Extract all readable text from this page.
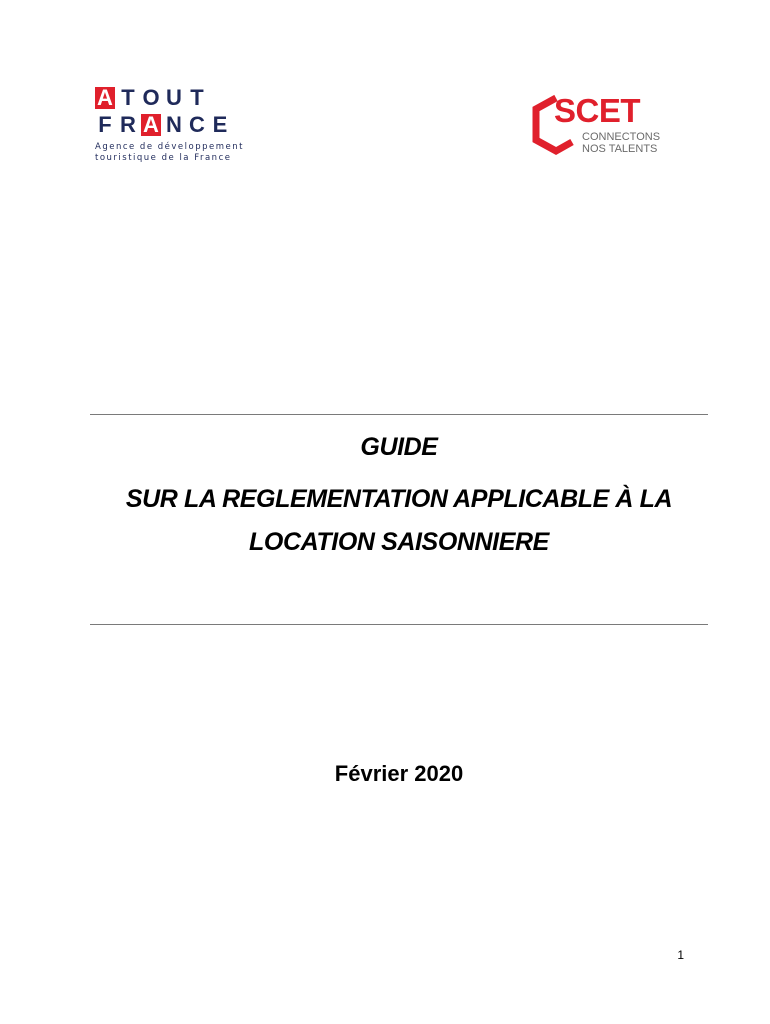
A T O U T
F R A N C E
Agence de développement
touristique de la France
SCET
CONNECTONS
NOS TALENTS
GUIDE
SUR LA REGLEMENTATION APPLICABLE À LA
LOCATION SAISONNIERE
Février 2020
1
